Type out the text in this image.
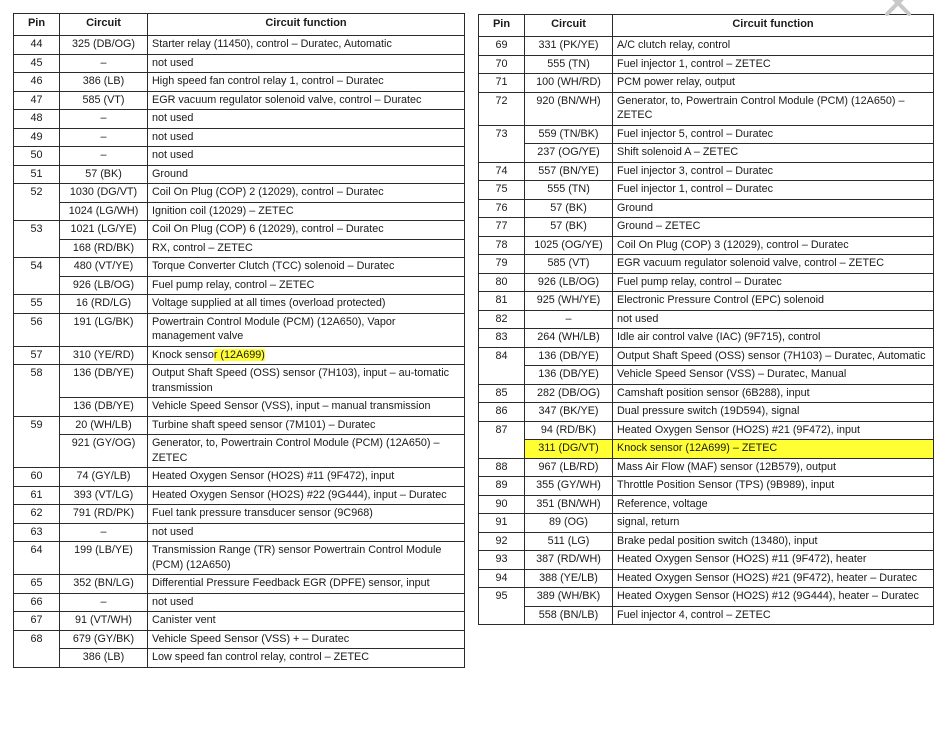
Pin	Circuit	Circuit function
44	325 (DB/OG)	Starter relay (11450), control – Duratec, Automatic
45	–	not used
46	386 (LB)	High speed fan control relay 1, control – Duratec
47	585 (VT)	EGR vacuum regulator solenoid valve, control – Duratec
48	–	not used
49	–	not used
50	–	not used
51	57 (BK)	Ground
52	1030 (DG/VT)	Coil On Plug (COP) 2 (12029), control – Duratec
	1024 (LG/WH)	Ignition coil (12029) – ZETEC
53	1021 (LG/YE)	Coil On Plug (COP) 6 (12029), control – Duratec
	168 (RD/BK)	RX, control – ZETEC
54	480 (VT/YE)	Torque Converter Clutch (TCC) solenoid – Duratec
	926 (LB/OG)	Fuel pump relay, control – ZETEC
55	16 (RD/LG)	Voltage supplied at all times (overload protected)
56	191 (LG/BK)	Powertrain Control Module (PCM) (12A650), Vapor management valve
57	310 (YE/RD)	Knock sensor (12A699)
58	136 (DB/YE)	Output Shaft Speed (OSS) sensor (7H103), input – au-tomatic transmission
	136 (DB/YE)	Vehicle Speed Sensor (VSS), input – manual transmission
59	20 (WH/LB)	Turbine shaft speed sensor (7M101) – Duratec
	921 (GY/OG)	Generator, to, Powertrain Control Module (PCM) (12A650) – ZETEC
60	74 (GY/LB)	Heated Oxygen Sensor (HO2S) #11 (9F472), input
61	393 (VT/LG)	Heated Oxygen Sensor (HO2S) #22 (9G444), input – Duratec
62	791 (RD/PK)	Fuel tank pressure transducer sensor (9C968)
63	–	not used
64	199 (LB/YE)	Transmission Range (TR) sensor Powertrain Control Module (PCM) (12A650)
65	352 (BN/LG)	Differential Pressure Feedback EGR (DPFE) sensor, input
66	–	not used
67	91 (VT/WH)	Canister vent
68	679 (GY/BK)	Vehicle Speed Sensor (VSS) + – Duratec
	386 (LB)	Low speed fan control relay, control – ZETEC
Pin	Circuit	Circuit function
69	331 (PK/YE)	A/C clutch relay, control
70	555 (TN)	Fuel injector 1, control – ZETEC
71	100 (WH/RD)	PCM power relay, output
72	920 (BN/WH)	Generator, to, Powertrain Control Module (PCM) (12A650) – ZETEC
73	559 (TN/BK)	Fuel injector 5, control – Duratec
	237 (OG/YE)	Shift solenoid A – ZETEC
74	557 (BN/YE)	Fuel injector 3, control – Duratec
75	555 (TN)	Fuel injector 1, control – Duratec
76	57 (BK)	Ground
77	57 (BK)	Ground – ZETEC
78	1025 (OG/YE)	Coil On Plug (COP) 3 (12029), control – Duratec
79	585 (VT)	EGR vacuum regulator solenoid valve, control – ZETEC
80	926 (LB/OG)	Fuel pump relay, control – Duratec
81	925 (WH/YE)	Electronic Pressure Control (EPC) solenoid
82	–	not used
83	264 (WH/LB)	Idle air control valve (IAC) (9F715), control
84	136 (DB/YE)	Output Shaft Speed (OSS) sensor (7H103) – Duratec, Automatic
	136 (DB/YE)	Vehicle Speed Sensor (VSS) – Duratec, Manual
85	282 (DB/OG)	Camshaft position sensor (6B288), input
86	347 (BK/YE)	Dual pressure switch (19D594), signal
87	94 (RD/BK)	Heated Oxygen Sensor (HO2S) #21 (9F472), input
	311 (DG/VT)	Knock sensor (12A699) – ZETEC
88	967 (LB/RD)	Mass Air Flow (MAF) sensor (12B579), output
89	355 (GY/WH)	Throttle Position Sensor (TPS) (9B989), input
90	351 (BN/WH)	Reference, voltage
91	89 (OG)	signal, return
92	511 (LG)	Brake pedal position switch (13480), input
93	387 (RD/WH)	Heated Oxygen Sensor (HO2S) #11 (9F472), heater
94	388 (YE/LB)	Heated Oxygen Sensor (HO2S) #21 (9F472), heater – Duratec
95	389 (WH/BK)	Heated Oxygen Sensor (HO2S) #12 (9G444), heater – Duratec
	558 (BN/LB)	Fuel injector 4, control – ZETEC
